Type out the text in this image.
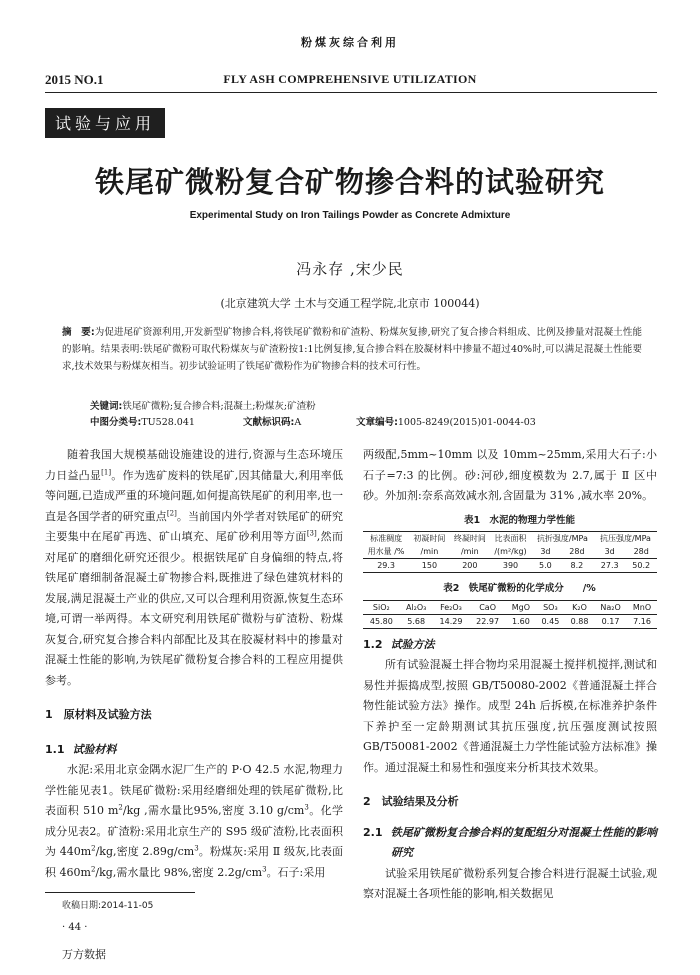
粉煤灰综合利用
2015 NO.1	FLY ASH COMPREHENSIVE UTILIZATION
试验与应用
铁尾矿微粉复合矿物掺合料的试验研究
Experimental Study on Iron Tailings Powder as Concrete Admixture
冯永存 ,宋少民
(北京建筑大学 土木与交通工程学院,北京市 100044)
摘　要:为促进尾矿资源利用,开发新型矿物掺合料,将铁尾矿微粉和矿渣粉、粉煤灰复掺,研究了复合掺合料组成、比例及掺量对混凝土性能的影响。结果表明:铁尾矿微粉可取代粉煤灰与矿渣粉按1:1比例复掺,复合掺合料在胶凝材料中掺量不超过40%时,可以满足混凝土性能要求,技术效果与粉煤灰相当。初步试验证明了铁尾矿微粉作为矿物掺合料的技术可行性。
关键词:铁尾矿微粉;复合掺合料;混凝土;粉煤灰;矿渣粉
中图分类号:TU528.041	文献标识码:A	文章编号:1005-8249(2015)01-0044-03

随着我国大规模基础设施建设的进行,资源与生态环境压力日益凸显[1]。作为选矿废料的铁尾矿,因其储量大,利用率低等问题,已造成严重的环境问题,如何提高铁尾矿的利用率,也一直是各国学者的研究重点[2]。当前国内外学者对铁尾矿的研究主要集中在尾矿再选、矿山填充、尾矿砂利用等方面[3],然而对尾矿的磨细化研究还很少。根据铁尾矿自身偏细的特点,将铁尾矿磨细制备混凝土矿物掺合料,既推进了绿色建筑材料的发展,满足混凝土产业的供应,又可以合理利用资源,恢复生态环境,可谓一举两得。本文研究利用铁尾矿微粉与矿渣粉、粉煤灰复合,研究复合掺合料内部配比及其在胶凝材料中的掺量对混凝土性能的影响,为铁尾矿微粉复合掺合料的工程应用提供参考。

1　原材料及试验方法

1.1 试验材料

水泥:采用北京金隅水泥厂生产的 P·O 42.5 水泥,物理力学性能见表1。铁尾矿微粉:采用经磨细处理的铁尾矿微粉,比表面积 510 $m^2/kg$ ,需水量比95%,密度 3.10 $g/cm^3$。化学成分见表2。矿渣粉:采用北京生产的 S95 级矿渣粉,比表面积为 $440m^2/kg$,密度 $2.89g/cm^3$。粉煤灰:采用 Ⅱ 级灰,比表面积 $460m^2/kg$,需水量比 98%,密度 $2.2g/cm^3$。石子:采用

两级配,5mm~10mm 以及 10mm~25mm,采用大石子:小石子=7:3 的比例。砂:河砂,细度模数为 2.7,属于 Ⅱ 区中砂。外加剂:奈系高效减水剂,含固量为 31% ,减水率 20%。

表1　水泥的物理力学性能

标准稠度	初凝时间	终凝时间	比表面积	抗折强度/MPa		抗压强度/MPa	
用水量 /%	/min	/min	/(m²/kg)	3d	28d	3d	28d
29.3	150	200	390	5.0	8.2	27.3	50.2

表2　铁尾矿微粉的化学成分　　/%

SiO₂	Al₂O₃	Fe₂O₃	CaO	MgO	SO₃	K₂O	Na₂O	MnO
45.80	5.68	14.29	22.97	1.60	0.45	0.88	0.17	7.16

1.2 试验方法

所有试验混凝土拌合物均采用混凝土搅拌机搅拌,测试和易性并振捣成型,按照 GB/T50080-2002《普通混凝土拌合物性能试验方法》操作。成型 24h 后拆模,在标准养护条件下养护至一定龄期测试其抗压强度,抗压强度测试按照 GB/T50081-2002《普通混凝土力学性能试验方法标准》操作。通过混凝土和易性和强度来分析其技术效果。

2　试验结果及分析

2.1 铁尾矿微粉复合掺合料的复配组分对混凝土性能的影响研究

试验采用铁尾矿微粉系列复合掺合料进行混凝土试验,观察对混凝土各项性能的影响,相关数据见

收稿日期:2014-11-05
· 44 ·
万方数据
